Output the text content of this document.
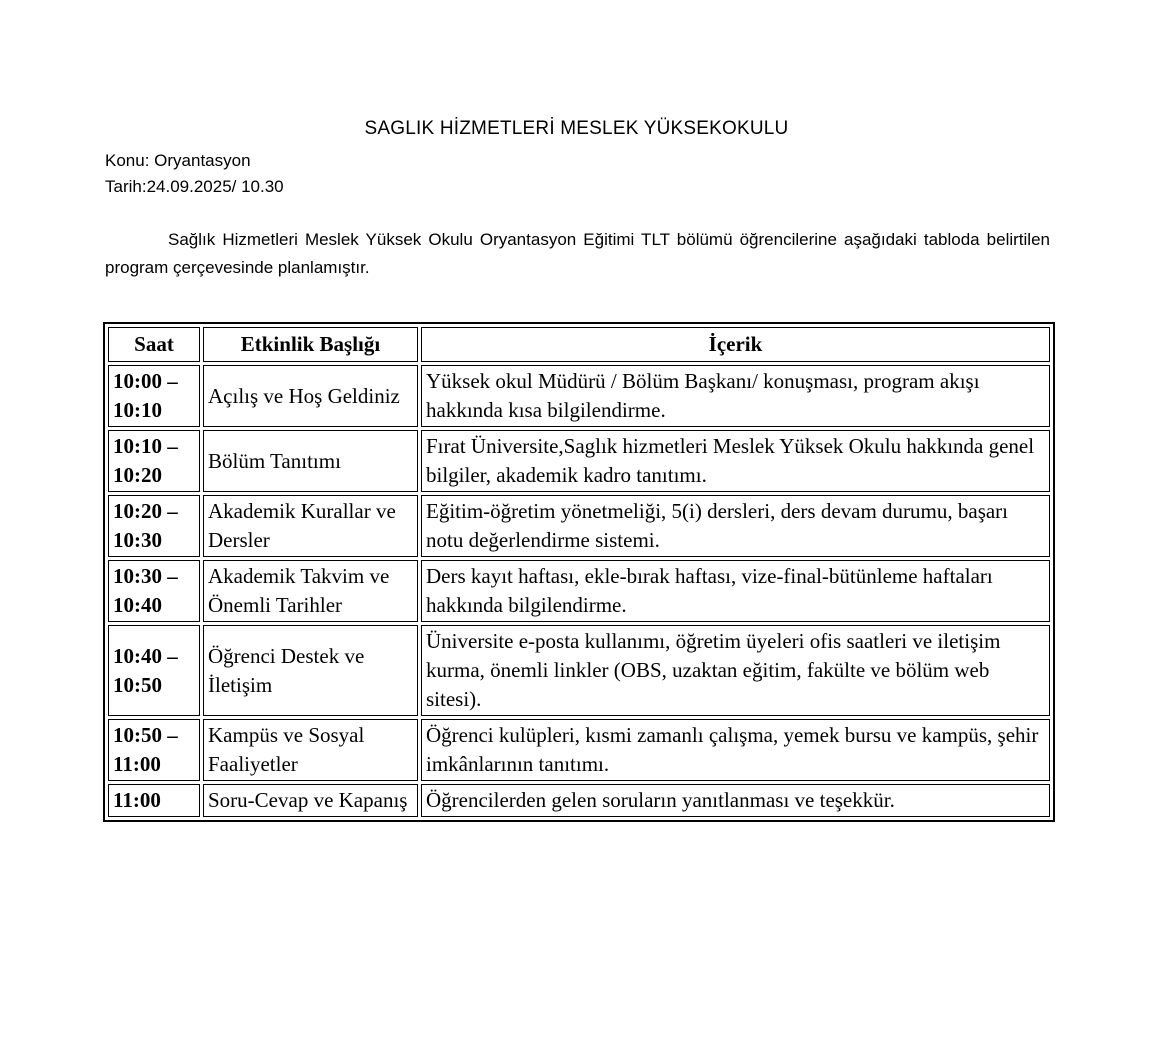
SAGLIK HİZMETLERİ MESLEK YÜKSEKOKULU
Konu: Oryantasyon
Tarih:24.09.2025/ 10.30
Sağlık Hizmetleri Meslek Yüksek Okulu Oryantasyon Eğitimi TLT bölümü öğrencilerine aşağıdaki tabloda belirtilen program çerçevesinde planlamıştır.
Saat	Etkinlik Başlığı	İçerik
10:00 – 10:10	Açılış ve Hoş Geldiniz	Yüksek okul Müdürü / Bölüm Başkanı/ konuşması, program akışı hakkında kısa bilgilendirme.
10:10 – 10:20	Bölüm Tanıtımı	Fırat Üniversite,Saglık hizmetleri Meslek Yüksek Okulu hakkında genel bilgiler, akademik kadro tanıtımı.
10:20 – 10:30	Akademik Kurallar ve Dersler	Eğitim-öğretim yönetmeliği, 5(i) dersleri, ders devam durumu, başarı notu değerlendirme sistemi.
10:30 – 10:40	Akademik Takvim ve Önemli Tarihler	Ders kayıt haftası, ekle-bırak haftası, vize-final-bütünleme haftaları hakkında bilgilendirme.
10:40 – 10:50	Öğrenci Destek ve İletişim	Üniversite e-posta kullanımı, öğretim üyeleri ofis saatleri ve iletişim kurma, önemli linkler (OBS, uzaktan eğitim, fakülte ve bölüm web sitesi).
10:50 – 11:00	Kampüs ve Sosyal Faaliyetler	Öğrenci kulüpleri, kısmi zamanlı çalışma, yemek bursu ve kampüs, şehir imkânlarının tanıtımı.
11:00	Soru-Cevap ve Kapanış	Öğrencilerden gelen soruların yanıtlanması ve teşekkür.
